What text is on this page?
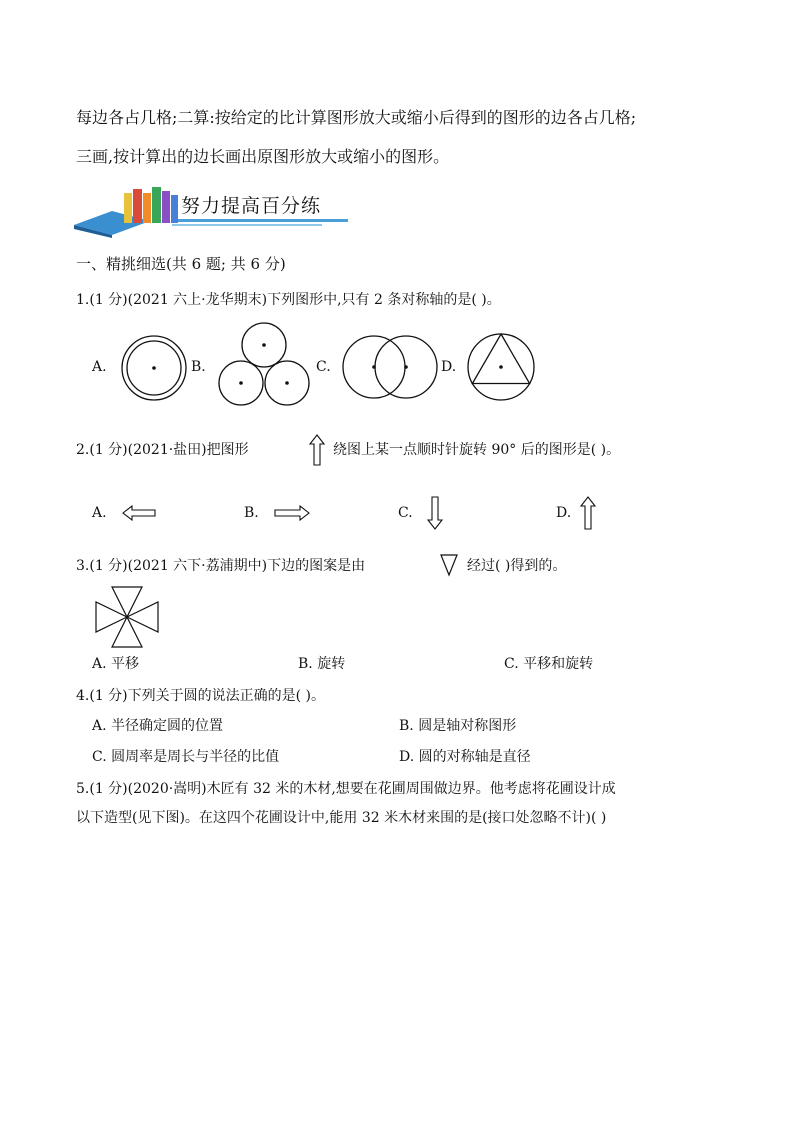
每边各占几格;二算:按给定的比计算图形放大或缩小后得到的图形的边各占几格;
三画,按计算出的边长画出原图形放大或缩小的图形。
努力提高百分练
一、精挑细选(共 6 题; 共 6 分)
1.(1 分)(2021 六上·龙华期末)下列图形中,只有 2 条对称轴的是( )。
A.	B.	C.	D.
2.(1 分)(2021·盐田)把图形	绕图上某一点顺时针旋转 90° 后的图形是( )。
A.	B.	C.	D.
3.(1 分)(2021 六下·荔浦期中)下边的图案是由	经过( )得到的。
A. 平移	B. 旋转	C. 平移和旋转
4.(1 分)下列关于圆的说法正确的是( )。
A. 半径确定圆的位置	B. 圆是轴对称图形
C. 圆周率是周长与半径的比值	D. 圆的对称轴是直径
5.(1 分)(2020·嵩明)木匠有 32 米的木材,想要在花圃周围做边界。他考虑将花圃设计成
以下造型(见下图)。在这四个花圃设计中,能用 32 米木材来围的是(接口处忽略不计)( )
